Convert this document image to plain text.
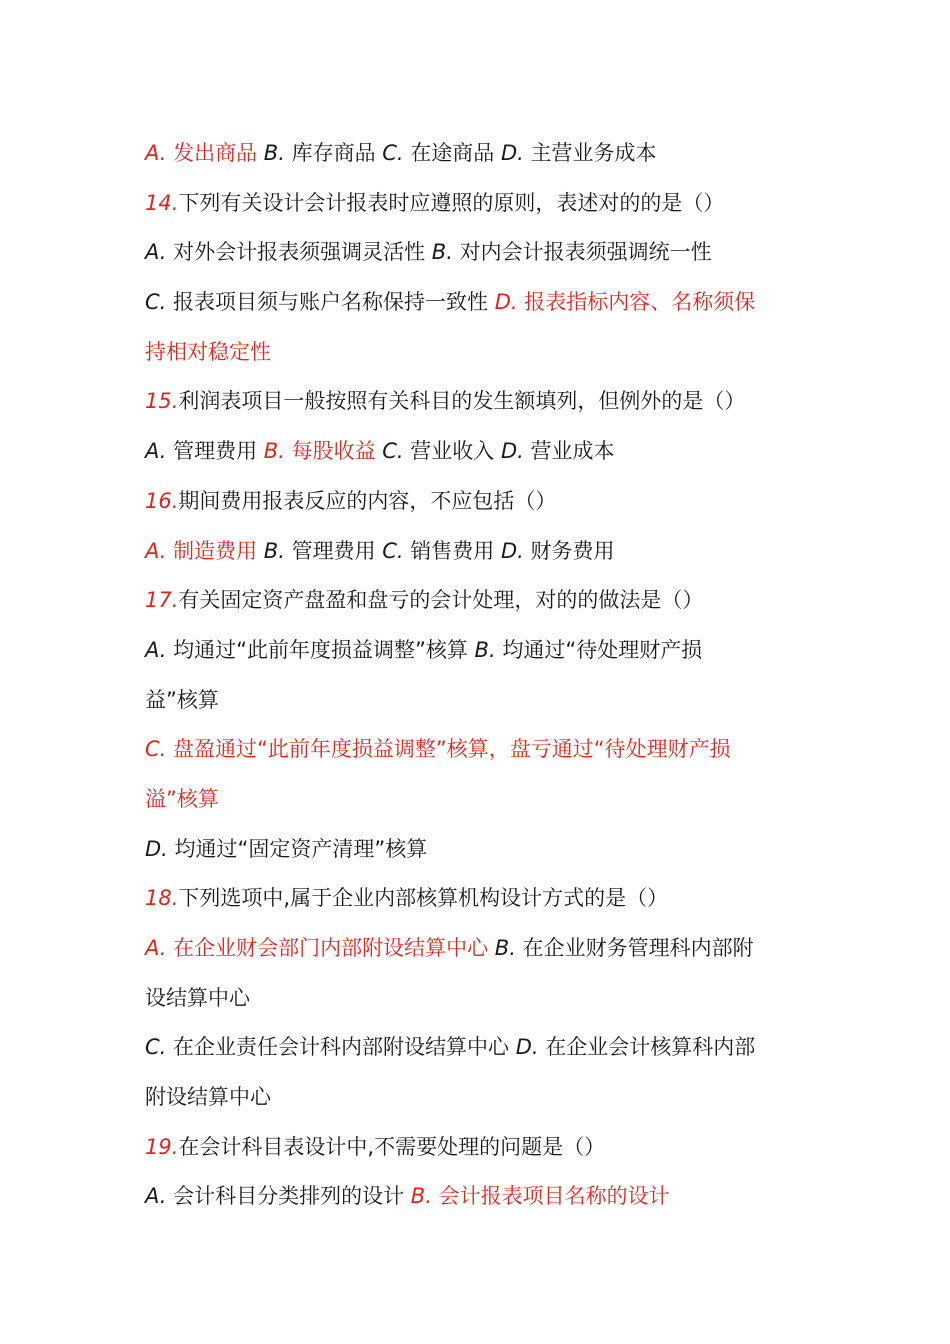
A. 发出商品 B. 库存商品 C. 在途商品 D. 主营业务成本
14.下列有关设计会计报表时应遵照的原则，表述对的的是（）
A. 对外会计报表须强调灵活性 B. 对内会计报表须强调统一性
C. 报表项目须与账户名称保持一致性 D. 报表指标内容、名称须保
持相对稳定性
15.利润表项目一般按照有关科目的发生额填列，但例外的是（）
A. 管理费用 B. 每股收益 C. 营业收入 D. 营业成本
16.期间费用报表反应的内容，不应包括（）
A. 制造费用 B. 管理费用 C. 销售费用 D. 财务费用
17.有关固定资产盘盈和盘亏的会计处理，对的的做法是（）
A. 均通过“此前年度损益调整”核算 B. 均通过“待处理财产损
益”核算
C. 盘盈通过“此前年度损益调整”核算，盘亏通过“待处理财产损
溢”核算
D. 均通过“固定资产清理”核算
18.下列选项中,属于企业内部核算机构设计方式的是（）
A. 在企业财会部门内部附设结算中心 B. 在企业财务管理科内部附
设结算中心
C. 在企业责任会计科内部附设结算中心 D. 在企业会计核算科内部
附设结算中心
19.在会计科目表设计中,不需要处理的问题是（）
A. 会计科目分类排列的设计 B. 会计报表项目名称的设计
